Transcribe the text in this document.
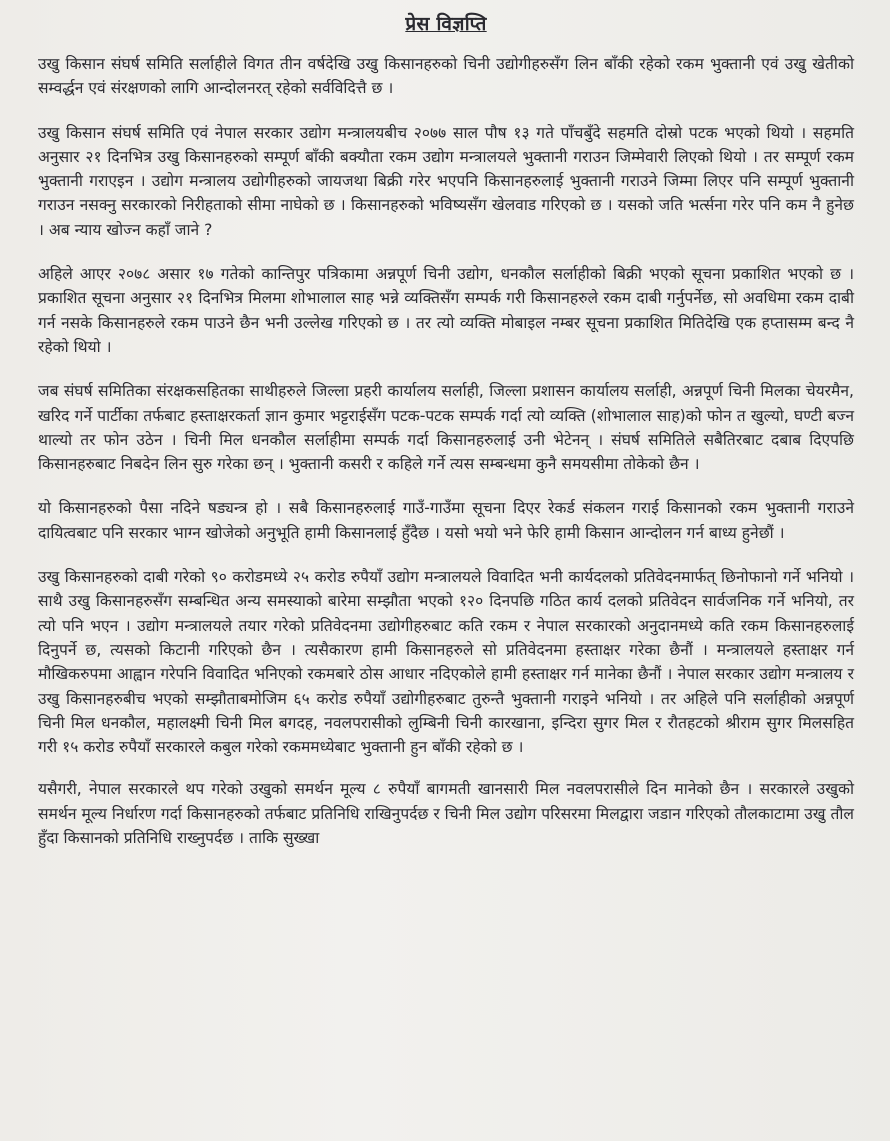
प्रेस विज्ञप्ति

उखु किसान संघर्ष समिति सर्लाहीले विगत तीन वर्षदेखि उखु किसानहरुको चिनी उद्योगीहरुसँग लिन बाँकी रहेको रकम भुक्तानी एवं उखु खेतीको सम्वर्द्धन एवं संरक्षणको लागि आन्दोलनरत् रहेको सर्वविदित्तै छ ।

उखु किसान संघर्ष समिति एवं नेपाल सरकार उद्योग मन्त्रालयबीच २०७७ साल पौष १३ गते पाँचबुँदे सहमति दोस्रो पटक भएको थियो । सहमति अनुसार २१ दिनभित्र उखु किसानहरुको सम्पूर्ण बाँकी बक्यौता रकम उद्योग मन्त्रालयले भुक्तानी गराउन जिम्मेवारी लिएको थियो । तर सम्पूर्ण रकम भुक्तानी गराएइन । उद्योग मन्त्रालय उद्योगीहरुको जायजथा बिक्री गरेर भएपनि किसानहरुलाई भुक्तानी गराउने जिम्मा लिएर पनि सम्पूर्ण भुक्तानी गराउन नसक्नु सरकारको निरीहताको सीमा नाघेको छ । किसानहरुको भविष्यसँग खेलवाड गरिएको छ । यसको जति भर्त्सना गरेर पनि कम नै हुनेछ । अब न्याय खोज्न कहाँ जाने ?

अहिले आएर २०७८ असार १७ गतेको कान्तिपुर पत्रिकामा अन्नपूर्ण चिनी उद्योग, धनकौल सर्लाहीको बिक्री भएको सूचना प्रकाशित भएको छ । प्रकाशित सूचना अनुसार २१ दिनभित्र मिलमा शोभालाल साह भन्ने व्यक्तिसँग सम्पर्क गरी किसानहरुले रकम दाबी गर्नुपर्नेछ, सो अवधिमा रकम दाबी गर्न नसके किसानहरुले रकम पाउने छैन भनी उल्लेख गरिएको छ । तर त्यो व्यक्ति मोबाइल नम्बर सूचना प्रकाशित मितिदेखि एक हप्तासम्म बन्द नै रहेको थियो ।

जब संघर्ष समितिका संरक्षकसहितका साथीहरुले जिल्ला प्रहरी कार्यालय सर्लाही, जिल्ला प्रशासन कार्यालय सर्लाही, अन्नपूर्ण चिनी मिलका चेयरमैन, खरिद गर्ने पार्टीका तर्फबाट हस्ताक्षरकर्ता ज्ञान कुमार भट्टराईसँग पटक-पटक सम्पर्क गर्दा त्यो व्यक्ति (शोभालाल साह)को फोन त खुल्यो, घण्टी बज्न थाल्यो तर फोन उठेन । चिनी मिल धनकौल सर्लाहीमा सम्पर्क गर्दा किसानहरुलाई उनी भेटेनन् । संघर्ष समितिले सबैतिरबाट दबाब दिएपछि किसानहरुबाट निबदेन लिन सुरु गरेका छन् । भुक्तानी कसरी र कहिले गर्ने त्यस सम्बन्धमा कुनै समयसीमा तोकेको छैन ।

यो किसानहरुको पैसा नदिने षड्यन्त्र हो । सबै किसानहरुलाई गाउँ-गाउँमा सूचना दिएर रेकर्ड संकलन गराई किसानको रकम भुक्तानी गराउने दायित्वबाट पनि सरकार भाग्न खोजेको अनुभूति हामी किसानलाई हुँदैछ । यसो भयो भने फेरि हामी किसान आन्दोलन गर्न बाध्य हुनेछौं ।

उखु किसानहरुको दाबी गरेको ९० करोडमध्ये २५ करोड रुपैयाँ उद्योग मन्त्रालयले विवादित भनी कार्यदलको प्रतिवेदनमार्फत् छिनोफानो गर्ने भनियो । साथै उखु किसानहरुसँग सम्बन्धित अन्य समस्याको बारेमा सम्झौता भएको १२० दिनपछि गठित कार्य दलको प्रतिवेदन सार्वजनिक गर्ने भनियो, तर त्यो पनि भएन । उद्योग मन्त्रालयले तयार गरेको प्रतिवेदनमा उद्योगीहरुबाट कति रकम र नेपाल सरकारको अनुदानमध्ये कति रकम किसानहरुलाई दिनुपर्ने छ, त्यसको किटानी गरिएको छैन । त्यसैकारण हामी किसानहरुले सो प्रतिवेदनमा हस्ताक्षर गरेका छैनौं । मन्त्रालयले हस्ताक्षर गर्न मौखिकरुपमा आह्वान गरेपनि विवादित भनिएको रकमबारे ठोस आधार नदिएकोले हामी हस्ताक्षर गर्न मानेका छैनौं । नेपाल सरकार उद्योग मन्त्रालय र उखु किसानहरुबीच भएको सम्झौताबमोजिम ६५ करोड रुपैयाँ उद्योगीहरुबाट तुरुन्तै भुक्तानी गराइने भनियो । तर अहिले पनि सर्लाहीको अन्नपूर्ण चिनी मिल धनकौल, महालक्ष्मी चिनी मिल बगदह, नवलपरासीको लुम्बिनी चिनी कारखाना, इन्दिरा सुगर मिल र रौतहटको श्रीराम सुगर मिलसहित गरी १५ करोड रुपैयाँ सरकारले कबुल गरेको रकममध्येबाट भुक्तानी हुन बाँकी रहेको छ ।

यसैगरी, नेपाल सरकारले थप गरेको उखुको समर्थन मूल्य ८ रुपैयाँ बागमती खानसारी मिल नवलपरासीले दिन मानेको छैन । सरकारले उखुको समर्थन मूल्य निर्धारण गर्दा किसानहरुको तर्फबाट प्रतिनिधि राखिनुपर्दछ र चिनी मिल उद्योग परिसरमा मिलद्वारा जडान गरिएको तौलकाटामा उखु तौल हुँदा किसानको प्रतिनिधि राख्नुपर्दछ । ताकि सुख्खा
